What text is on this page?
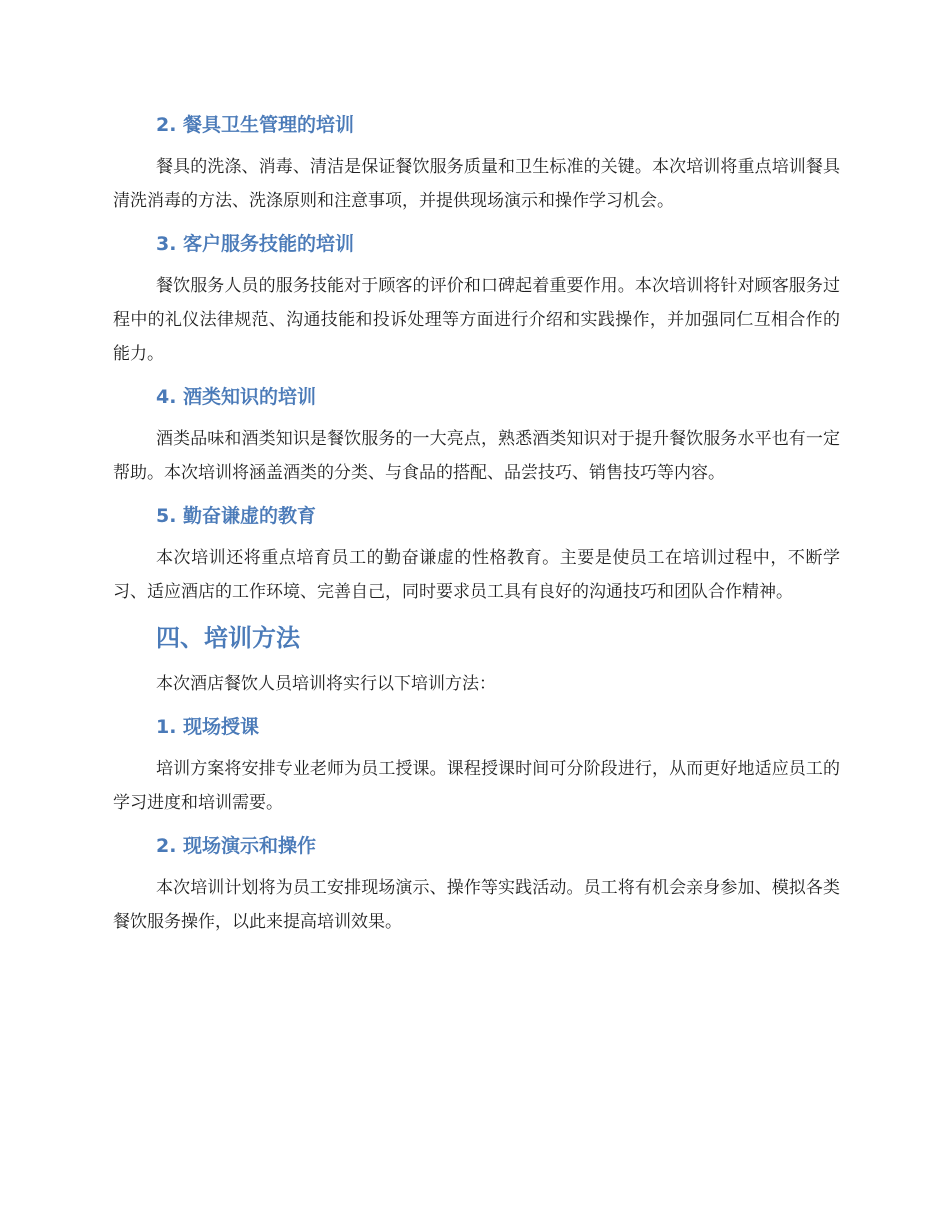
2. 餐具卫生管理的培训

餐具的洗涤、消毒、清洁是保证餐饮服务质量和卫生标准的关键。本次培训将重点培训餐具清洗消毒的方法、洗涤原则和注意事项，并提供现场演示和操作学习机会。

3. 客户服务技能的培训

餐饮服务人员的服务技能对于顾客的评价和口碑起着重要作用。本次培训将针对顾客服务过程中的礼仪法律规范、沟通技能和投诉处理等方面进行介绍和实践操作，并加强同仁互相合作的能力。

4. 酒类知识的培训

酒类品味和酒类知识是餐饮服务的一大亮点，熟悉酒类知识对于提升餐饮服务水平也有一定帮助。本次培训将涵盖酒类的分类、与食品的搭配、品尝技巧、销售技巧等内容。

5. 勤奋谦虚的教育

本次培训还将重点培育员工的勤奋谦虚的性格教育。主要是使员工在培训过程中，不断学习、适应酒店的工作环境、完善自己，同时要求员工具有良好的沟通技巧和团队合作精神。

四、培训方法

本次酒店餐饮人员培训将实行以下培训方法：

1. 现场授课

培训方案将安排专业老师为员工授课。课程授课时间可分阶段进行，从而更好地适应员工的学习进度和培训需要。

2. 现场演示和操作

本次培训计划将为员工安排现场演示、操作等实践活动。员工将有机会亲身参加、模拟各类餐饮服务操作，以此来提高培训效果。
